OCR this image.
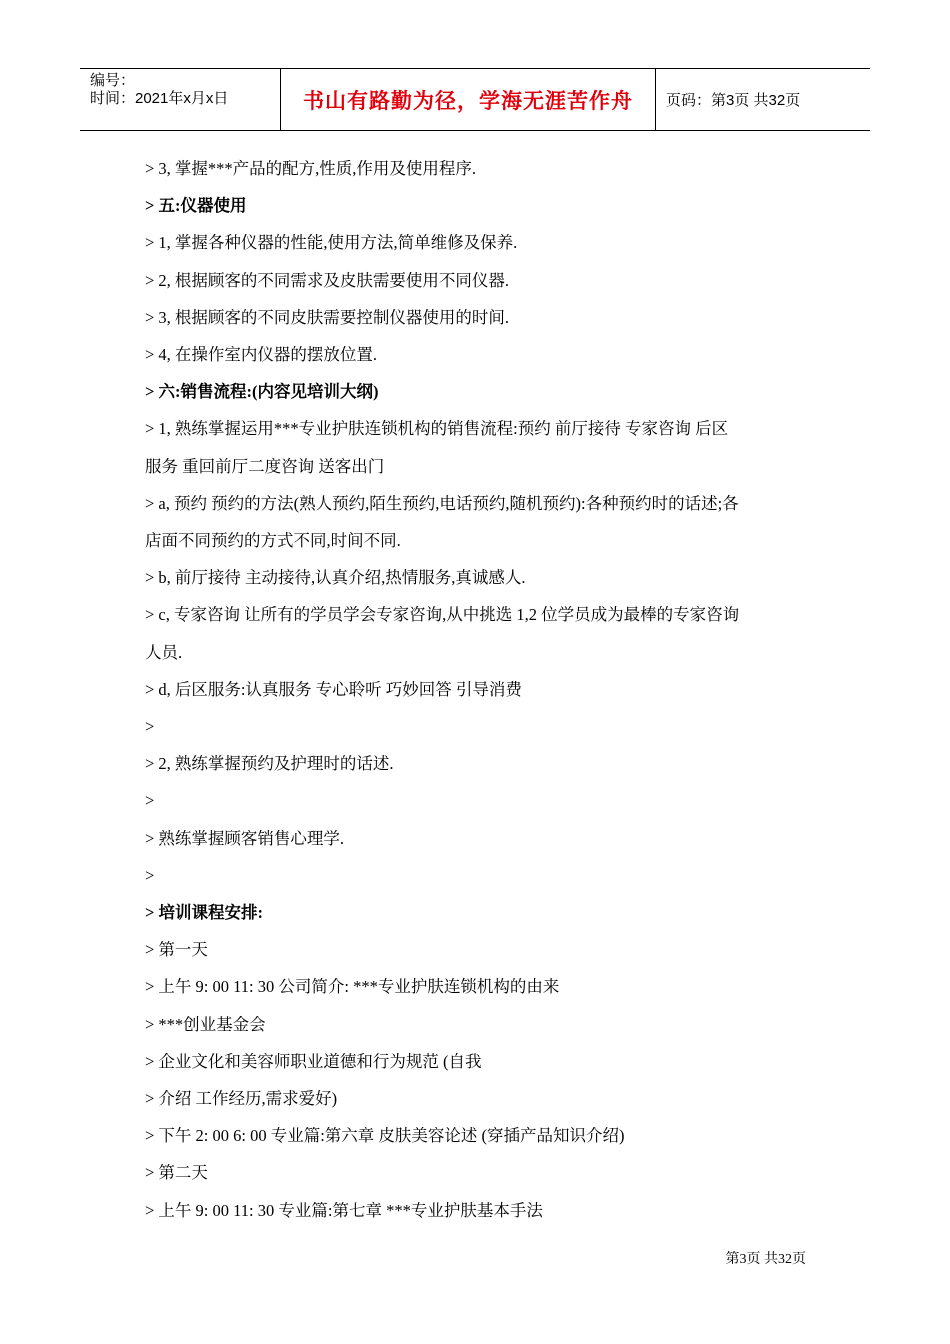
编号：
时间：2021年x月x日	书山有路勤为径，学海无涯苦作舟	页码：第3页 共32页
> 3, 掌握***产品的配方,性质,作用及使用程序.
> 五:仪器使用
> 1, 掌握各种仪器的性能,使用方法,简单维修及保养.
> 2, 根据顾客的不同需求及皮肤需要使用不同仪器.
> 3, 根据顾客的不同皮肤需要控制仪器使用的时间.
> 4, 在操作室内仪器的摆放位置.
> 六:销售流程:(内容见培训大纲)
> 1, 熟练掌握运用***专业护肤连锁机构的销售流程:预约 前厅接待 专家咨询 后区
服务 重回前厅二度咨询 送客出门
> a, 预约 预约的方法(熟人预约,陌生预约,电话预约,随机预约):各种预约时的话述;各
店面不同预约的方式不同,时间不同.
> b, 前厅接待 主动接待,认真介绍,热情服务,真诚感人.
> c, 专家咨询 让所有的学员学会专家咨询,从中挑选 1,2 位学员成为最棒的专家咨询
人员.
> d, 后区服务:认真服务 专心聆听 巧妙回答 引导消费
>
> 2, 熟练掌握预约及护理时的话述.
>
> 熟练掌握顾客销售心理学.
>
> 培训课程安排:
> 第一天
> 上午 9: 00 11: 30 公司简介: ***专业护肤连锁机构的由来
> ***创业基金会
> 企业文化和美容师职业道德和行为规范 (自我
> 介绍 工作经历,需求爱好)
> 下午 2: 00 6: 00 专业篇:第六章 皮肤美容论述 (穿插产品知识介绍)
> 第二天
> 上午 9: 00 11: 30 专业篇:第七章 ***专业护肤基本手法
第3页 共32页
